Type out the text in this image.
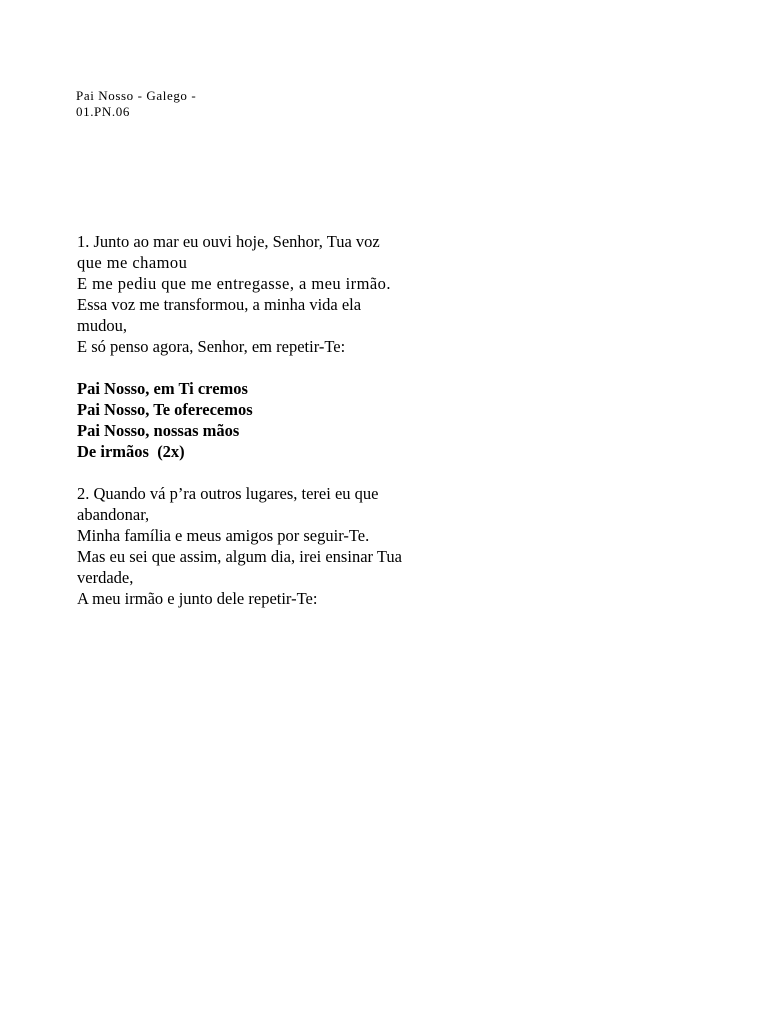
Pai Nosso - Galego -
01.PN.06
1. Junto ao mar eu ouvi hoje, Senhor, Tua voz
que me chamou
E me pediu que me entregasse, a meu irmão.
Essa voz me transformou, a minha vida ela
mudou,
E só penso agora, Senhor, em repetir-Te:
Pai Nosso, em Ti cremos
Pai Nosso, Te oferecemos
Pai Nosso, nossas mãos
De irmãos  (2x)
2. Quando vá p’ra outros lugares, terei eu que
abandonar,
Minha família e meus amigos por seguir-Te.
Mas eu sei que assim, algum dia, irei ensinar Tua
verdade,
A meu irmão e junto dele repetir-Te:
